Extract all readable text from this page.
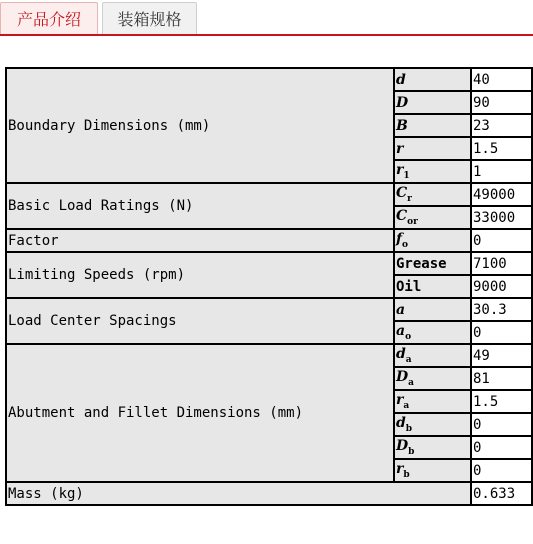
产品介绍	装箱规格
Boundary Dimensions (mm)	d	40
	D	90
	B	23
	r	1.5
	$r_1$	1
Basic Load Ratings (N)	$C_r$	49000
	$C_{or}$	33000
Factor	$f_o$	0
Limiting Speeds (rpm)	Grease	7100
	Oil	9000
Load Center Spacings	a	30.3
	$a_o$	0
Abutment and Fillet Dimensions (mm)	$d_a$	49
	$D_a$	81
	$r_a$	1.5
	$d_b$	0
	$D_b$	0
	$r_b$	0
Mass (kg)		0.633
shop1348620596...com.alibaba
